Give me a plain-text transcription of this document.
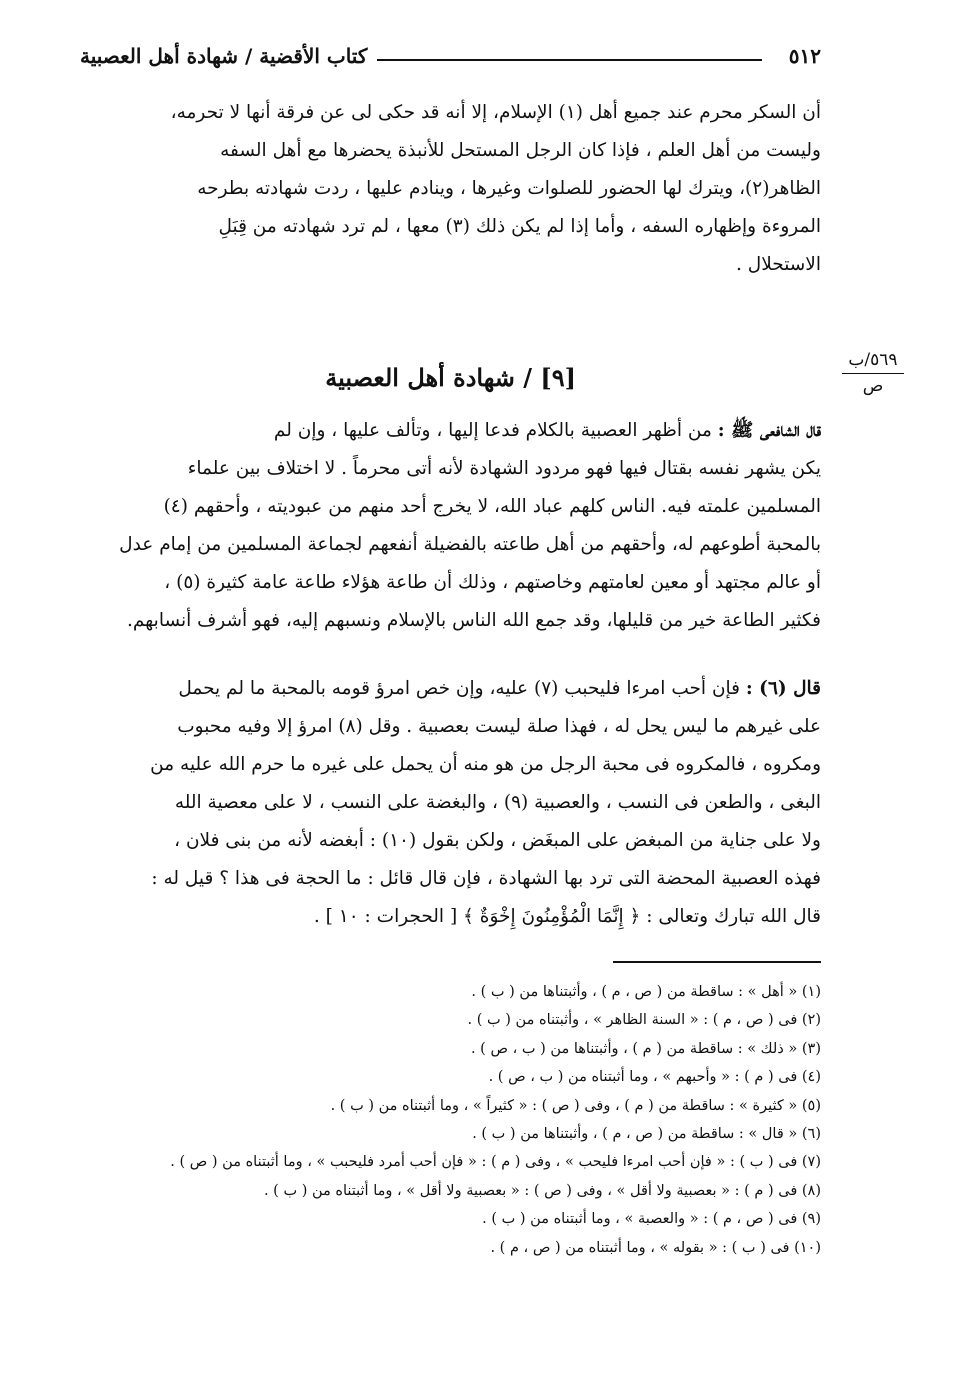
٥١٢
كتاب الأقضية / شهادة أهل العصبية

أن السكر محرم عند جميع أهل (١) الإسلام، إلا أنه قد حكى لى عن فرقة أنها لا تحرمه،

وليست من أهل العلم ، فإذا كان الرجل المستحل للأنبذة يحضرها مع أهل السفه

الظاهر(٢)، ويترك لها الحضور للصلوات وغيرها ، وينادم عليها ، ردت شهادته بطرحه

المروءة وإظهاره السفه ، وأما إذا لم يكن ذلك (٣) معها ، لم ترد شهادته من قِبَلِ

الاستحلال .

٥٦٩/ب
ص
[٩] / شهادة أهل العصبية

قال الشافعى ﷺ : من أظهر العصبية بالكلام فدعا إليها ، وتألف عليها ، وإن لم

يكن يشهر نفسه بقتال فيها فهو مردود الشهادة لأنه أتى محرماً . لا اختلاف بين علماء

المسلمين علمته فيه. الناس كلهم عباد الله، لا يخرج أحد منهم من عبوديته ، وأحقهم (٤)

بالمحبة أطوعهم له، وأحقهم من أهل طاعته بالفضيلة أنفعهم لجماعة المسلمين من إمام عدل

أو عالم مجتهد أو معين لعامتهم وخاصتهم ، وذلك أن طاعة هؤلاء طاعة عامة كثيرة (٥) ،

فكثير الطاعة خير من قليلها، وقد جمع الله الناس بالإسلام ونسبهم إليه، فهو أشرف أنسابهم.

قال (٦) : فإن أحب امرءا فليحبب (٧) عليه، وإن خص امرؤ قومه بالمحبة ما لم يحمل

على غيرهم ما ليس يحل له ، فهذا صلة ليست بعصبية . وقل (٨) امرؤ إلا وفيه محبوب

ومكروه ، فالمكروه فى محبة الرجل من هو منه أن يحمل على غيره ما حرم الله عليه من

البغى ، والطعن فى النسب ، والعصبية (٩) ، والبغضة على النسب ، لا على معصية الله

ولا على جناية من المبغض على المبغَض ، ولكن بقول (١٠) : أبغضه لأنه من بنى فلان ،

فهذه العصبية المحضة التى ترد بها الشهادة ، فإن قال قائل : ما الحجة فى هذا ؟ قيل له :

قال الله تبارك وتعالى : ﴿ إِنَّمَا الْمُؤْمِنُونَ إِخْوَةٌ ﴾ [ الحجرات : ١٠ ] .

(١) « أهل » : ساقطة من ( ص ، م ) ، وأثبتناها من ( ب ) .
(٢) فى ( ص ، م ) : « السنة الظاهر » ، وأثبتناه من ( ب ) .
(٣) « ذلك » : ساقطة من ( م ) ، وأثبتناها من ( ب ، ص ) .
(٤) فى ( م ) : « وأحبهم » ، وما أثبتناه من ( ب ، ص ) .
(٥) « كثيرة » : ساقطة من ( م ) ، وفى ( ص ) : « كثيراً » ، وما أثبتناه من ( ب ) .
(٦) « قال » : ساقطة من ( ص ، م ) ، وأثبتناها من ( ب ) .
(٧) فى ( ب ) : « فإن أحب امرءا فليحب » ، وفى ( م ) : « فإن أحب أمرد فليحبب » ، وما أثبتناه من ( ص ) .
(٨) فى ( م ) : « بعصبية ولا أقل » ، وفى ( ص ) : « بعصبية ولا أقل » ، وما أثبتناه من ( ب ) .
(٩) فى ( ص ، م ) : « والعصبة » ، وما أثبتناه من ( ب ) .
(١٠) فى ( ب ) : « بقوله » ، وما أثبتناه من ( ص ، م ) .
